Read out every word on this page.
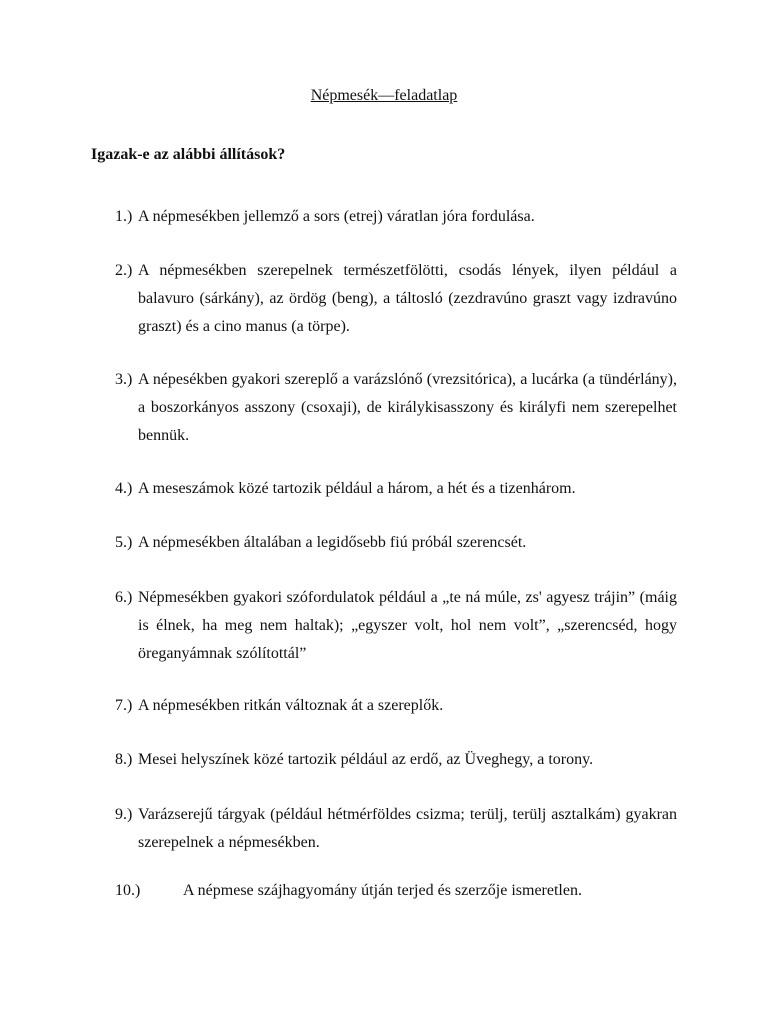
Népmesék—feladatlap

Igazak-e az alábbi állítások?

1.) A népmesékben jellemző a sors (etrej) váratlan jóra fordulása.

2.) A népmesékben szerepelnek természetfölötti, csodás lények, ilyen például a balavuro (sárkány), az ördög (beng), a táltosló (zezdravúno graszt vagy izdravúno graszt) és a cino manus (a törpe).

3.) A népesékben gyakori szereplő a varázslónő (vrezsitórica), a lucárka (a tündérlány), a boszorkányos asszony (csoxaji), de királykisasszony és királyfi nem szerepelhet bennük.

4.) A meseszámok közé tartozik például a három, a hét és a tizenhárom.

5.) A népmesékben általában a legidősebb fiú próbál szerencsét.

6.) Népmesékben gyakori szófordulatok például a „te ná múle, zs' agyesz trájin” (máig is élnek, ha meg nem haltak); „egyszer volt, hol nem volt”, „szerencséd, hogy öreganyámnak szólítottál”

7.) A népmesékben ritkán változnak át a szereplők.

8.) Mesei helyszínek közé tartozik például az erdő, az Üveghegy, a torony.

9.) Varázserejű tárgyak (például hétmérföldes csizma; terülj, terülj asztalkám) gyakran szerepelnek a népmesékben.

10.)	A népmese szájhagyomány útján terjed és szerzője ismeretlen.
